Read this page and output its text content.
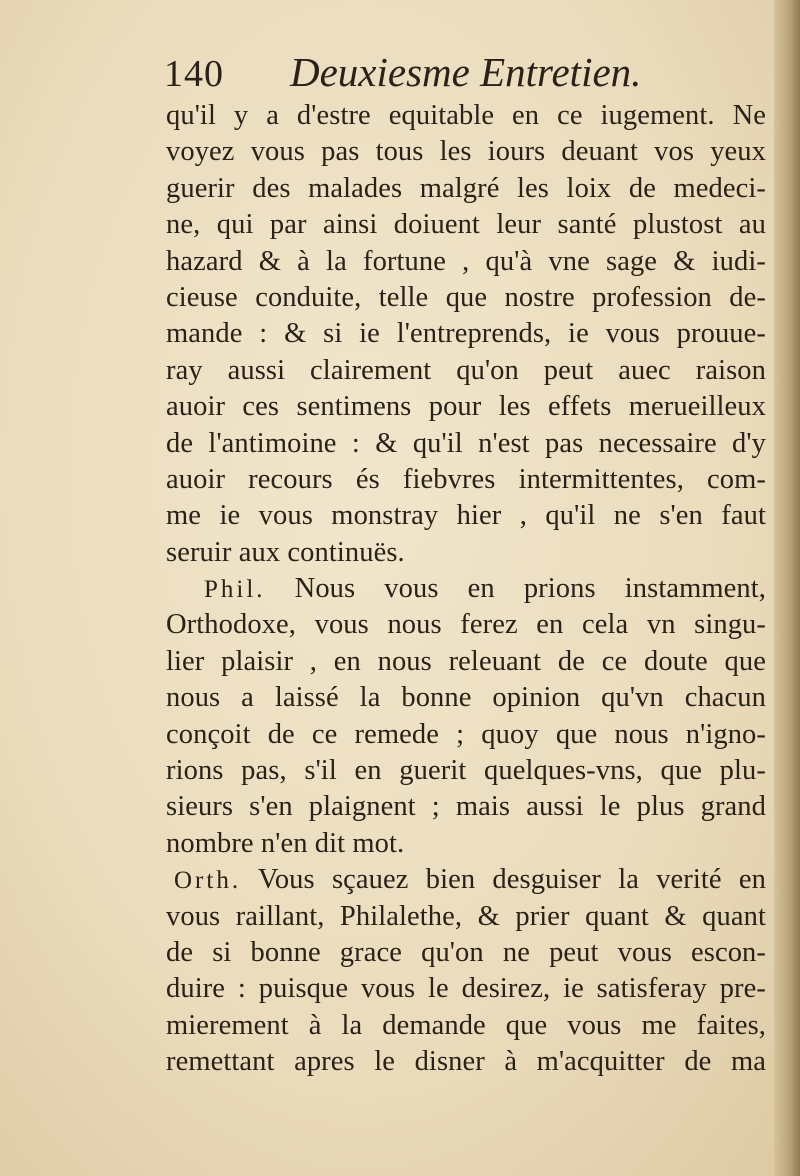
140 Deuxiesme Entretien.
qu'il y a d'estre equitable en ce iugement. Ne
voyez vous pas tous les iours deuant vos yeux
guerir des malades malgré les loix de medeci-
ne, qui par ainsi doiuent leur santé plustost au
hazard & à la fortune , qu'à vne sage & iudi-
cieuse conduite, telle que nostre profession de-
mande : & si ie l'entreprends, ie vous prouue-
ray aussi clairement qu'on peut auec raison
auoir ces sentimens pour les effets merueilleux
de l'antimoine : & qu'il n'est pas necessaire d'y
auoir recours és fiebvres intermittentes, com-
me ie vous monstray hier , qu'il ne s'en faut
seruir aux continuës.
Phil. Nous vous en prions instamment,
Orthodoxe, vous nous ferez en cela vn singu-
lier plaisir , en nous releuant de ce doute que
nous a laissé la bonne opinion qu'vn chacun
conçoit de ce remede ; quoy que nous n'igno-
rions pas, s'il en guerit quelques-vns, que plu-
sieurs s'en plaignent ; mais aussi le plus grand
nombre n'en dit mot.
Orth. Vous sçauez bien desguiser la verité en
vous raillant, Philalethe, & prier quant & quant
de si bonne grace qu'on ne peut vous escon-
duire : puisque vous le desirez, ie satisferay pre-
mierement à la demande que vous me faites,
remettant apres le disner à m'acquitter de ma
